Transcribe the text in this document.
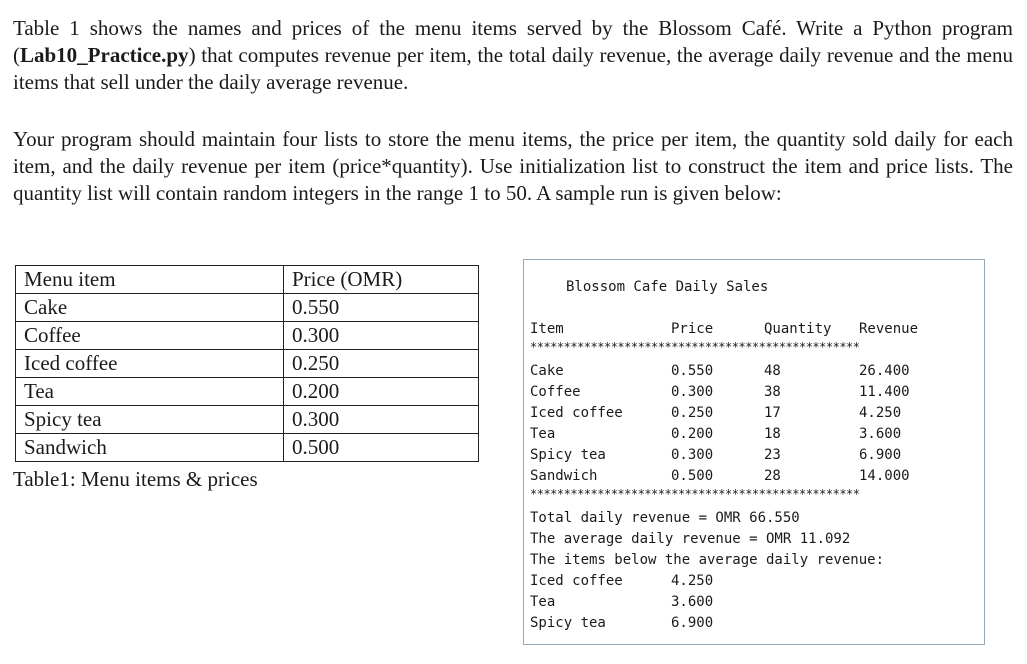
Table 1 shows the names and prices of the menu items served by the Blossom Café. Write a Python program (Lab10_Practice.py) that computes revenue per item, the total daily revenue, the average daily revenue and the menu items that sell under the daily average revenue.
Your program should maintain four lists to store the menu items, the price per item, the quantity sold daily for each item, and the daily revenue per item (price*quantity). Use initialization list to construct the item and price lists. The quantity list will contain random integers in the range 1 to 50. A sample run is given below:
Menu item	Price (OMR)
Cake	0.550
Coffee	0.300
Iced coffee	0.250
Tea	0.200
Spicy tea	0.300
Sandwich	0.500
Table1: Menu items & prices
Blossom Cafe Daily Sales
Item	Price	Quantity Revenue
*************************************************
Cake	0.550	48	26.400
Coffee	0.300	38	11.400
Iced coffee	0.250	17	4.250
Tea	0.200	18	3.600
Spicy tea	0.300	23	6.900
Sandwich	0.500	28	14.000
*************************************************
Total daily revenue = OMR 66.550
The average daily revenue = OMR 11.092
The items below the average daily revenue:
Iced coffee	4.250
Tea	3.600
Spicy tea	6.900
